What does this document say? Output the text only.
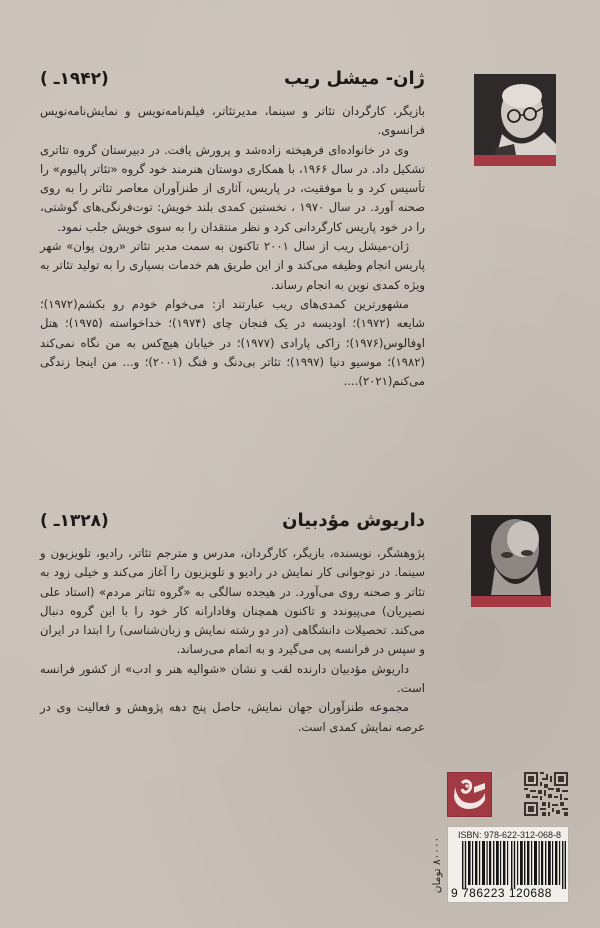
ژان- میشل ریب
(۱۹۴۲ـ )

بازیگر، کارگردان تئاتر و سینما، مدیرتئاتر، فیلم‌نامه‌نویس و نمایش‌نامه‌نویس فرانسوی.

وی در خانواده‌ای فرهیخته زاده‌شد و پرورش یافت. در دبیرستان گروه تئاتری تشکیل داد. در سال ۱۹۶۶، با همکاری دوستان هنرمند خود گروه «تئاتر پالیوم» را تأسیس کرد و با موفقیت، در پاریس، آثاری از طنزآوران معاصر تئاتر را به روی صحنه آورد. در سال ۱۹۷۰ ، نخستین کمدی بلند خویش: توت‌فرنگی‌های گوشتی، را در خود پاریس کارگردانی کرد و نظر منتقدان را به سوی خویش جلب نمود.

ژان-میشل ریب از سال ۲۰۰۱ تاکنون به سمت مدیر تئاتر «رون پوان» شهر پاریس انجام وظیفه می‌کند و از این طریق هم خدمات بسیاری را به تولید تئاتر به ویژه کمدی نوین به انجام رساند.

مشهورترین کمدی‌های ریب عبارتند از: می‌خوام خودم رو بکشم(۱۹۷۲)؛ شایعه (۱۹۷۲)؛ اودیسه در یک فنجان چای (۱۹۷۴)؛ خداخواسته (۱۹۷۵)؛ هتل اوفالوس(۱۹۷۶)؛ زاکی پارادی (۱۹۷۷)؛ در خیابان هیچ‌کس به من نگاه نمی‌کند (۱۹۸۲)؛ موسیو دنیا (۱۹۹۷)؛ تئاتر بی‌دنگ و فنگ (۲۰۰۱)؛ و... من اینجا زندگی می‌کنم(۲۰۲۱)....

داریوش مؤدبیان
(۱۳۲۸ـ )

پژوهشگر، نویسنده، بازیگر، کارگردان، مدرس و مترجم تئاتر، رادیو، تلویزیون و سینما. در نوجوانی کار نمایش در رادیو و تلویزیون را آغاز می‌کند و خیلی زود به تئاتر و صحنه روی می‌آورد. در هیجده سالگی به «گروه تئاتر مردم» (استاد علی نصیریان) می‌پیوندد و تاکنون همچنان وفادارانه کار خود را با این گروه دنبال می‌کند. تحصیلات دانشگاهی (در دو رشته نمایش و زبان‌شناسی) را ابتدا در ایران و سپس در فرانسه پی می‌گیرد و به اتمام می‌رساند.

داریوش مؤدبیان دارنده لقب و نشان «شوالیه هنر و ادب» از کشور فرانسه است.

مجموعه طنزآوران جهان نمایش، حاصل پنج دهه پژوهش و فعالیت وی در عرصه نمایش کمدی است.

۸۰۰۰۰ تومان
ISBN: 978-622-312-068-8
9 786223 120688
